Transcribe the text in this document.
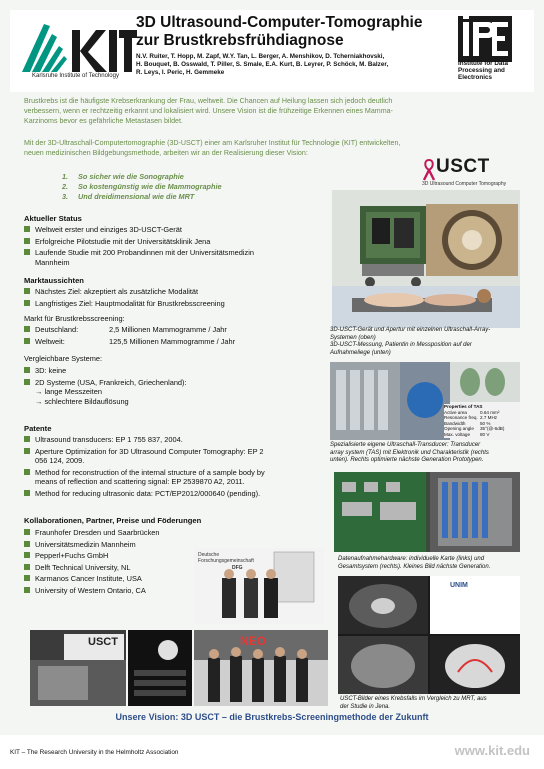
Karlsruhe Institute of Technology
3D Ultrasound-Computer-Tomographie
zur Brustkrebsfrühdiagnose
N.V. Ruiter, T. Hopp, M. Zapf, W.Y. Tan, L. Berger, A. Menshikov, D. Tcherniakhovski,
H. Bouquet, B. Osswald, T. Piller, S. Smale, E.A. Kurt, B. Leyrer, P. Schöck, M. Balzer,
R. Leys, I. Peric, H. Gemmeke
Institute for Data
Processing and
Electronics
Brustkrebs ist die häufigste Krebserkrankung der Frau, weltweit. Die Chancen auf Heilung lassen sich jedoch deutlich
verbessern, wenn er rechtzeitig erkannt und lokalisiert wird. Unsere Vision ist die frühzeitige Erkennen eines Mamma-
Karzinoms bevor es gefährliche Metastasen bildet.
Mit der 3D-Ultraschall-Computertomographie (3D-USCT) einer am Karlsruher Institut für Technologie (KIT) entwickelten,
neuen medizinischen Bildgebungsmethode, arbeiten wir an der Realisierung dieser Vision:
1. So sicher wie die Sonographie
2. So kostengünstig wie die Mammographie
3. Und dreidimensional wie die MRT
USCT
3D Ultrasound Computer Tomography
3D-USCT-Gerät und Apertur mit einzelnen Ultraschall-Array-
Systemen (oben)
3D-USCT-Messung, Patientin in Messposition auf der
Aufnahmeliege (unten)
Properties of TAS
Active area	0.64 mm²
Resonance freq. 2.7 MHz
Bandwidth	50 %
Opening angle 35°(@-6dB)
Max. voltage 80 V
Spezialisierte eigene Ultraschall-Transducer: Transducer
array system (TAS) mit Elektronik und Charakteristik (rechts
unten). Rechts optimierte nächste Generation Prototypen.
Datenaufnahmehardware: individuelle Karte (links) und
Gesamtsystem (rechts). Kleines Bild nächste Generation.
UNIM
USCT-Bilder eines Krebsfalls im Vergleich zu MRT, aus
der Studie in Jena.
Aktueller Status
Weltweit erster und einziges 3D-USCT-Gerät
Erfolgreiche Pilotstudie mit der Universitätsklinik Jena
Laufende Studie mit 200 Probandinnen mit der Universitätsmedizin
Mannheim
Marktaussichten
Nächstes Ziel: akzeptiert als zusätzliche Modalität
Langfristiges Ziel: Hauptmodalität für Brustkrebsscreening
Markt für Brustkrebsscreening:
Deutschland:	2,5 Millionen Mammogramme / Jahr
Weltweit:	125,5 Millionen Mammogramme / Jahr
Vergleichbare Systeme:
3D: keine
2D Systeme (USA, Frankreich, Griechenland):
→ lange Messzeiten
→ schlechtere Bildauflösung
Patente
Ultrasound transducers: EP 1 755 837, 2004.
Aperture Optimization for 3D Ultrasound Computer Tomography: EP 2
056 124, 2009.
Method for reconstruction of the internal structure of a sample body by
means of reflection and scattering signal: EP 2539870 A2, 2011.
Method for reducing ultrasonic data: PCT/EP2012/000640 (pending).
Kollaborationen, Partner, Preise und Föderungen
Fraunhofer Dresden und Saarbrücken
Universitätsmedizin Mannheim
Pepperl+Fuchs GmbH
Delft Technical University, NL
Karmanos Cancer Institute, USA
University of Western Ontario, CA
Deutsche Forschungsgemeinschaft
DFG
USCT	NEO
Unsere Vision: 3D USCT – die Brustkrebs-Screeningmethode der Zukunft
KIT – The Research University in the Helmholtz Association	www.kit.edu
